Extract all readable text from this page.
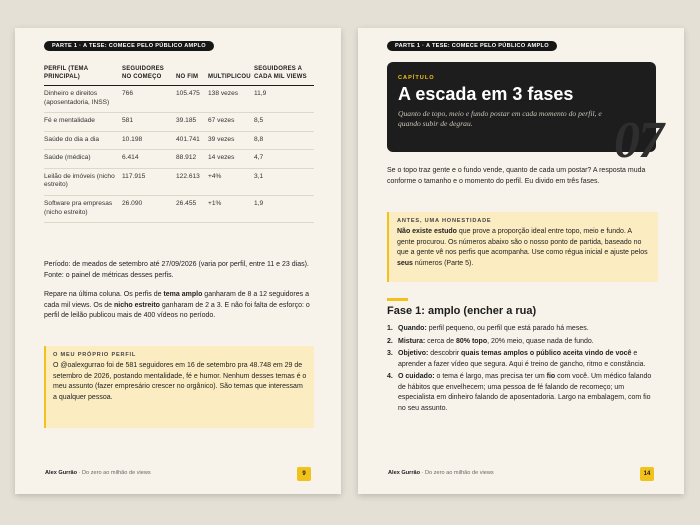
PARTE 1 · A TESE: COMECE PELO PÚBLICO AMPLO
PERFIL (TEMA PRINCIPAL)	SEGUIDORES NO COMEÇO	NO FIM	MULTIPLICOU	SEGUIDORES A CADA MIL VIEWS
Dinheiro e direitos (aposentadoria, INSS)	766	105.475	138 vezes	11,9
Fé e mentalidade	581	39.185	67 vezes	8,5
Saúde do dia a dia	10.198	401.741	39 vezes	8,8
Saúde (médica)	6.414	88.912	14 vezes	4,7
Leilão de imóveis (nicho estreito)	117.915	122.613	+4%	3,1
Software pra empresas (nicho estreito)	26.090	26.455	+1%	1,9

Período: de meados de setembro até 27/09/2026 (varia por perfil, entre 11 e 23 dias). Fonte: o painel de métricas desses perfis.

Repare na última coluna. Os perfis de tema amplo ganharam de 8 a 12 seguidores a cada mil views. Os de nicho estreito ganharam de 2 a 3. E não foi falta de esforço: o perfil de leilão publicou mais de 400 vídeos no período.

O MEU PRÓPRIO PERFIL
O @oalexgurrao foi de 581 seguidores em 16 de setembro pra 48.748 em 29 de setembro de 2026, postando mentalidade, fé e humor. Nenhum desses temas é o meu assunto (fazer empresário crescer no orgânico). São temas que interessam a qualquer pessoa.
Alex Gurrão · Do zero ao milhão de views	9
PARTE 1 · A TESE: COMECE PELO PÚBLICO AMPLO
07
CAPÍTULO
A escada em 3 fases
Quanto de topo, meio e fundo postar em cada momento do perfil, e quando subir de degrau.

Se o topo traz gente e o fundo vende, quanto de cada um postar? A resposta muda conforme o tamanho e o momento do perfil. Eu divido em três fases.

ANTES, UMA HONESTIDADE
Não existe estudo que prove a proporção ideal entre topo, meio e fundo. A gente procurou. Os números abaixo são o nosso ponto de partida, baseado no que a gente vê nos perfis que acompanha. Use como régua inicial e ajuste pelos seus números (Parte 5).
Fase 1: amplo (encher a rua)
1. Quando: perfil pequeno, ou perfil que está parado há meses.
2. Mistura: cerca de 80% topo, 20% meio, quase nada de fundo.
3. Objetivo: descobrir quais temas amplos o público aceita vindo de você e aprender a fazer vídeo que segura. Aqui é treino de gancho, ritmo e constância.
4. O cuidado: o tema é largo, mas precisa ter um fio com você. Um médico falando de hábitos que envelhecem; uma pessoa de fé falando de recomeço; um especialista em dinheiro falando de aposentadoria. Largo na embalagem, com fio no seu assunto.
Alex Gurrão · Do zero ao milhão de views	14
